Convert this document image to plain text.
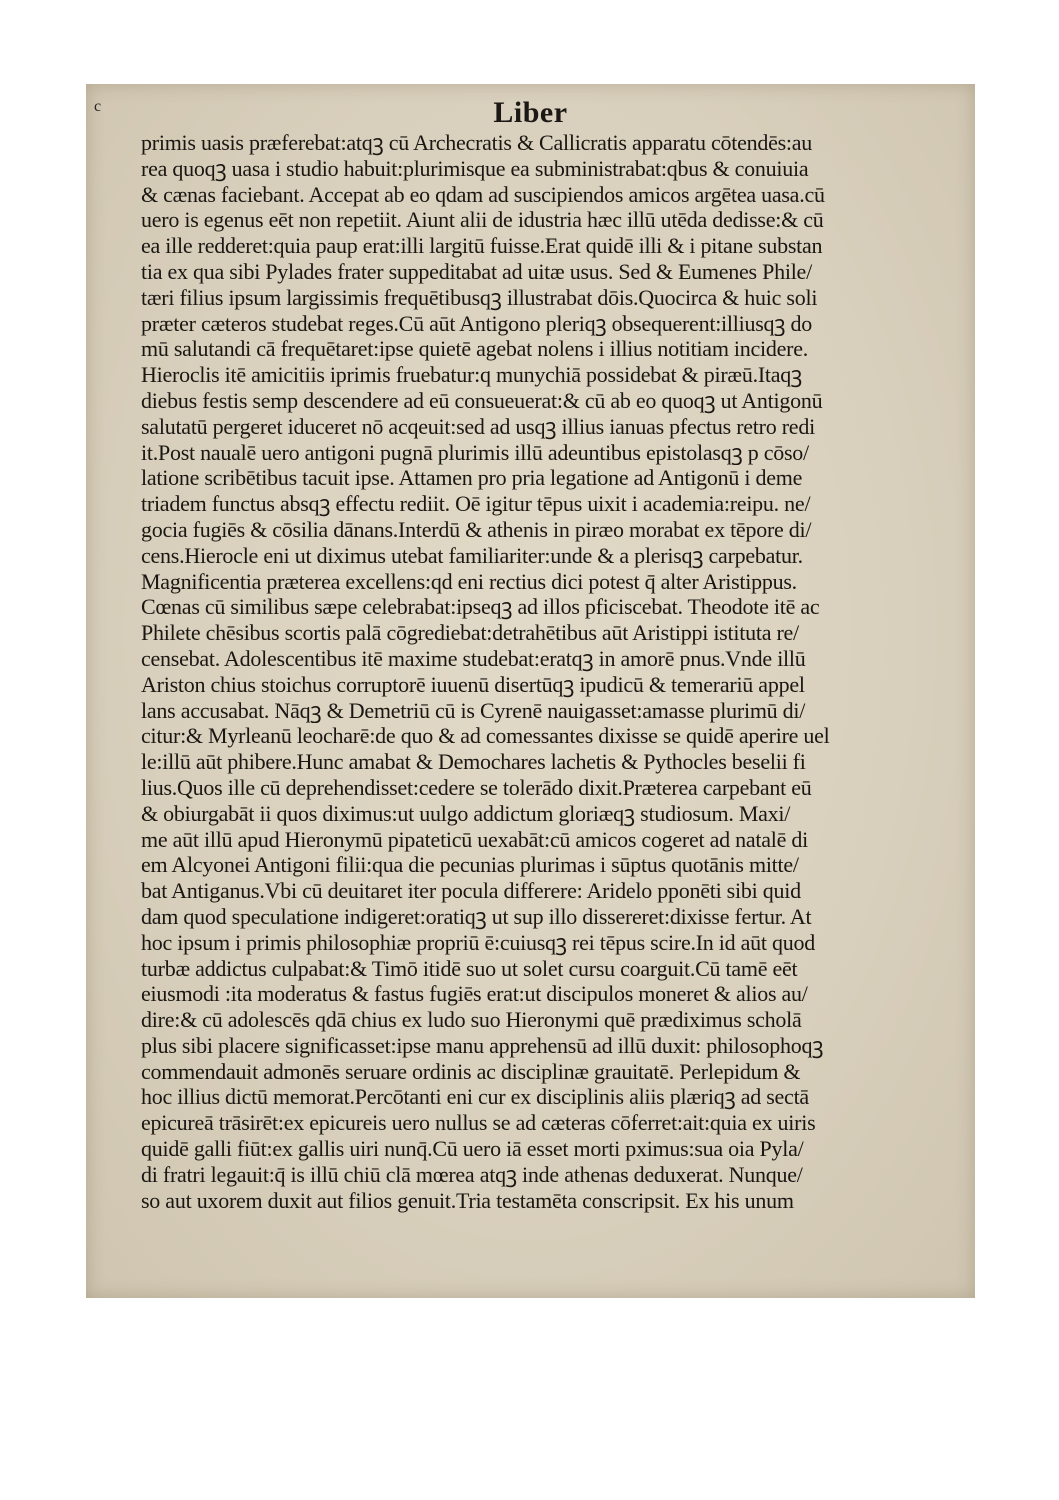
c	Liber
primis uasis præferebat:atqꝫ cū Archecratis & Callicratis apparatu cōtendēs:au
rea quoqꝫ uasa i studio habuit:plurimisque ea subministrabat:qbus & conuiuia
& cænas faciebant. Accepat ab eo qdam ad suscipiendos amicos argētea uasa.cū
uero is egenus eēt non repetiit. Aiunt alii de idustria hæc illū utēda dedisse:& cū
ea ille redderet:quia paup erat:illi largitū fuisse.Erat quidē illi & i pitane substan
tia ex qua sibi Pylades frater suppeditabat ad uitæ usus. Sed & Eumenes Phile/
tæri filius ipsum largissimis frequētibusqꝫ illustrabat dōis.Quocirca & huic soli
præter cæteros studebat reges.Cū aūt Antigono pleriqꝫ obsequerent:illiusqꝫ do
mū salutandi cā frequētaret:ipse quietē agebat nolens i illius notitiam incidere.
Hieroclis itē amicitiis iprimis fruebatur:q munychiā possidebat & piræū.Itaqꝫ
diebus festis semp descendere ad eū consueuerat:& cū ab eo quoqꝫ ut Antigonū
salutatū pergeret iduceret nō acqeuit:sed ad usqꝫ illius ianuas pfectus retro redi
it.Post naualē uero antigoni pugnā plurimis illū adeuntibus epistolasqꝫ p cōso/
latione scribētibus tacuit ipse. Attamen pro pria legatione ad Antigonū i deme
triadem functus absqꝫ effectu rediit. Oē igitur tēpus uixit i academia:reipu. ne/
gocia fugiēs & cōsilia dānans.Interdū & athenis in piræo morabat ex tēpore di/
cens.Hierocle eni ut diximus utebat familiariter:unde & a plerisqꝫ carpebatur.
Magnificentia præterea excellens:qd eni rectius dici potest q̄ alter Aristippus.
Cœnas cū similibus sæpe celebrabat:ipseqꝫ ad illos pficiscebat. Theodote itē ac
Philete chēsibus scortis palā cōgrediebat:detrahētibus aūt Aristippi istituta re/
censebat. Adolescentibus itē maxime studebat:eratqꝫ in amorē pnus.Vnde illū
Ariston chius stoichus corruptorē iuuenū disertūqꝫ ipudicū & temerariū appel
lans accusabat. Nāqꝫ & Demetriū cū is Cyrenē nauigasset:amasse plurimū di/
citur:& Myrleanū leocharē:de quo & ad comessantes dixisse se quidē aperire uel
le:illū aūt phibere.Hunc amabat & Demochares lachetis & Pythocles beselii fi
lius.Quos ille cū deprehendisset:cedere se tolerādo dixit.Præterea carpebant eū
& obiurgabāt ii quos diximus:ut uulgo addictum gloriæqꝫ studiosum. Maxi/
me aūt illū apud Hieronymū pipateticū uexabāt:cū amicos cogeret ad natalē di
em Alcyonei Antigoni filii:qua die pecunias plurimas i sūptus quotānis mitte/
bat Antiganus.Vbi cū deuitaret iter pocula differere: Aridelo pponēti sibi quid
dam quod speculatione indigeret:oratiqꝫ ut sup illo dissereret:dixisse fertur. At
hoc ipsum i primis philosophiæ propriū ē:cuiusqꝫ rei tēpus scire.In id aūt quod
turbæ addictus culpabat:& Timō itidē suo ut solet cursu coarguit.Cū tamē eēt
eiusmodi :ita moderatus & fastus fugiēs erat:ut discipulos moneret & alios au/
dire:& cū adolescēs qdā chius ex ludo suo Hieronymi quē prædiximus scholā
plus sibi placere significasset:ipse manu apprehensū ad illū duxit: philosophoqꝫ
commendauit admonēs seruare ordinis ac disciplinæ grauitatē. Perlepidum &
hoc illius dictū memorat.Percōtanti eni cur ex disciplinis aliis plæriqꝫ ad sectā
epicureā trāsirēt:ex epicureis uero nullus se ad cæteras cōferret:ait:quia ex uiris
quidē galli fiūt:ex gallis uiri nunq̄.Cū uero iā esset morti pximus:sua oia Pyla/
di fratri legauit:q̄ is illū chiū clā mœrea atqꝫ inde athenas deduxerat. Nunque/
so aut uxorem duxit aut filios genuit.Tria testamēta conscripsit. Ex his unum
